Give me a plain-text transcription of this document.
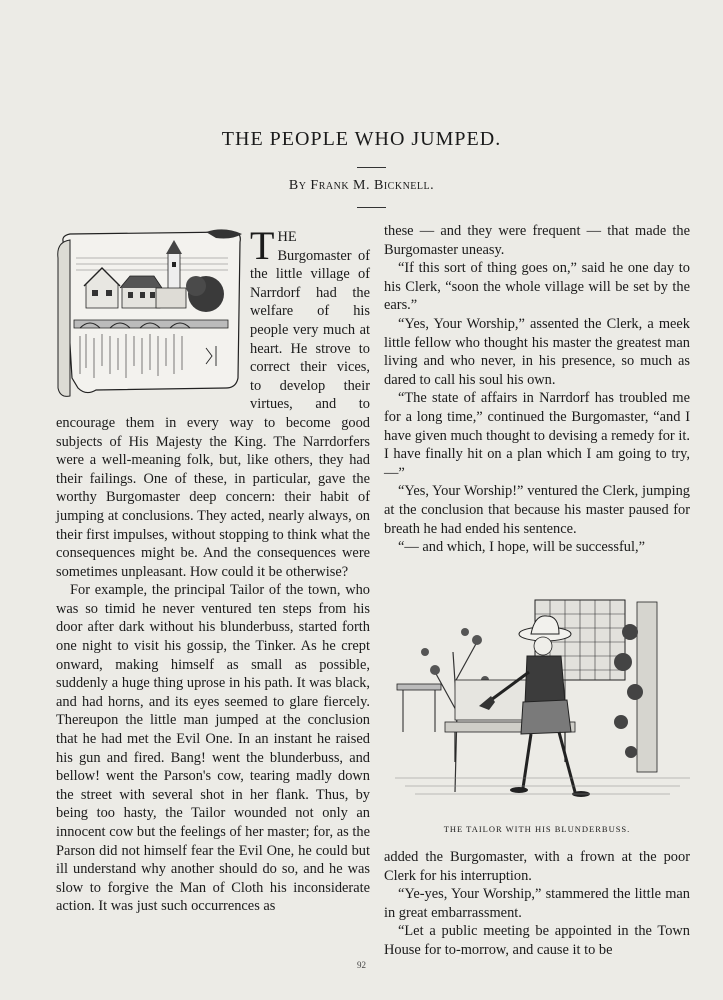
THE PEOPLE WHO JUMPED.
By Frank M. Bicknell.

THE Burgomaster of the little village of Narrdorf had the welfare of his people very much at heart. He strove to correct their vices, to develop their virtues, and to encourage them in every way to become good subjects of His Majesty the King. The Narrdorfers were a well-meaning folk, but, like others, they had their failings. One of these, in particular, gave the worthy Burgomaster deep concern: their habit of jumping at conclusions. They acted, nearly always, on their first impulses, without stopping to think what the consequences might be. And the consequences were sometimes unpleasant. How could it be otherwise?

For example, the principal Tailor of the town, who was so timid he never ventured ten steps from his door after dark without his blunderbuss, started forth one night to visit his gossip, the Tinker. As he crept onward, making himself as small as possible, suddenly a huge thing uprose in his path. It was black, and had horns, and its eyes seemed to glare fiercely. Thereupon the little man jumped at the conclusion that he had met the Evil One. In an instant he raised his gun and fired. Bang! went the blunderbuss, and bellow! went the Parson's cow, tearing madly down the street with several shot in her flank. Thus, by being too hasty, the Tailor wounded not only an innocent cow but the feelings of her master; for, as the Parson did not himself fear the Evil One, he could but ill understand why another should do so, and he was slow to forgive the Man of Cloth his inconsiderate action. It was just such occurrences as

these — and they were frequent — that made the Burgomaster uneasy.

“If this sort of thing goes on,” said he one day to his Clerk, “soon the whole village will be set by the ears.”

“Yes, Your Worship,” assented the Clerk, a meek little fellow who thought his master the greatest man living and who never, in his presence, so much as dared to call his soul his own.

“The state of affairs in Narrdorf has troubled me for a long time,” continued the Burgomaster, “and I have given much thought to devising a remedy for it. I have finally hit on a plan which I am going to try,—”

“Yes, Your Worship!” ventured the Clerk, jumping at the conclusion that because his master paused for breath he had ended his sentence.

“— and which, I hope, will be successful,”

THE TAILOR WITH HIS BLUNDERBUSS.

added the Burgomaster, with a frown at the poor Clerk for his interruption.

“Ye-yes, Your Worship,” stammered the little man in great embarrassment.

“Let a public meeting be appointed in the Town House for to-morrow, and cause it to be

92
